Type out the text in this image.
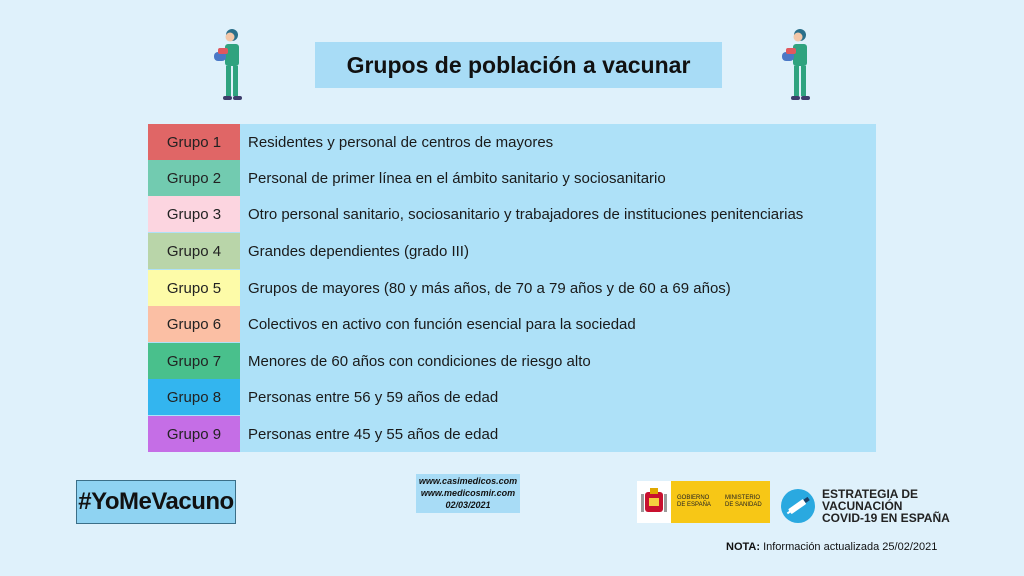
Grupos de población a vacunar
Grupo 1	Residentes y personal de centros de mayores
Grupo 2	Personal de primer línea en el ámbito sanitario y sociosanitario
Grupo 3	Otro personal sanitario, sociosanitario y trabajadores de instituciones penitenciarias
Grupo 4	Grandes dependientes (grado III)
Grupo 5	Grupos de mayores (80 y más años, de 70 a 79 años y de 60 a 69 años)
Grupo 6	Colectivos en activo con función esencial para la sociedad
Grupo 7	Menores de 60 años con condiciones de riesgo alto
Grupo 8	Personas entre 56 y 59 años de edad
Grupo 9	Personas entre 45 y 55 años de edad
#YoMeVacuno
www.casimedicos.com
www.medicosmir.com
02/03/2021
GOBIERNO DE ESPAÑA
MINISTERIO DE SANIDAD
ESTRATEGIA DE
VACUNACIÓN
COVID-19 EN ESPAÑA
NOTA: Información actualizada 25/02/2021
